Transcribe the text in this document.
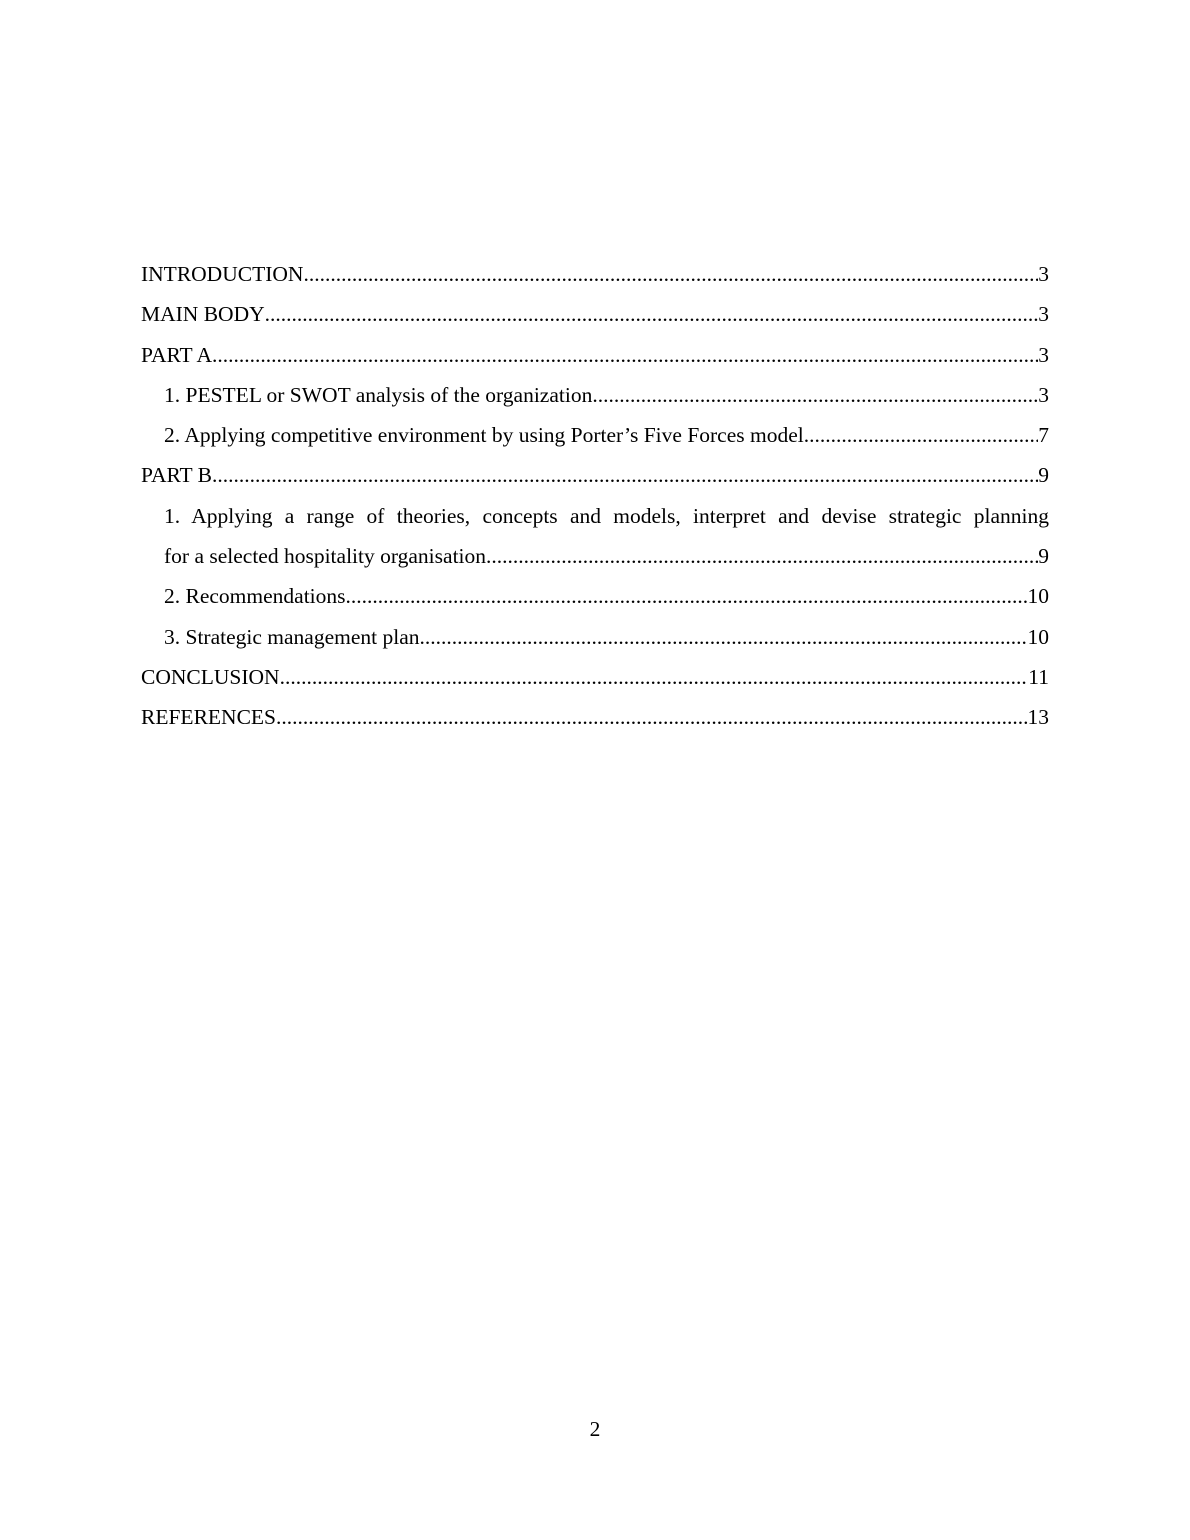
INTRODUCTION .....	3
MAIN BODY .....	3
PART A .....	3
1. PESTEL or SWOT analysis of the organization .....	3
2. Applying competitive environment by using Porter’s Five Forces model .....	7
PART B .....	9
1. Applying a range of theories, concepts and models, interpret and devise strategic planning
for a selected hospitality organisation .....	9
2. Recommendations .....	10
3. Strategic management plan .....	10
CONCLUSION .....	11
REFERENCES .....	13
2
